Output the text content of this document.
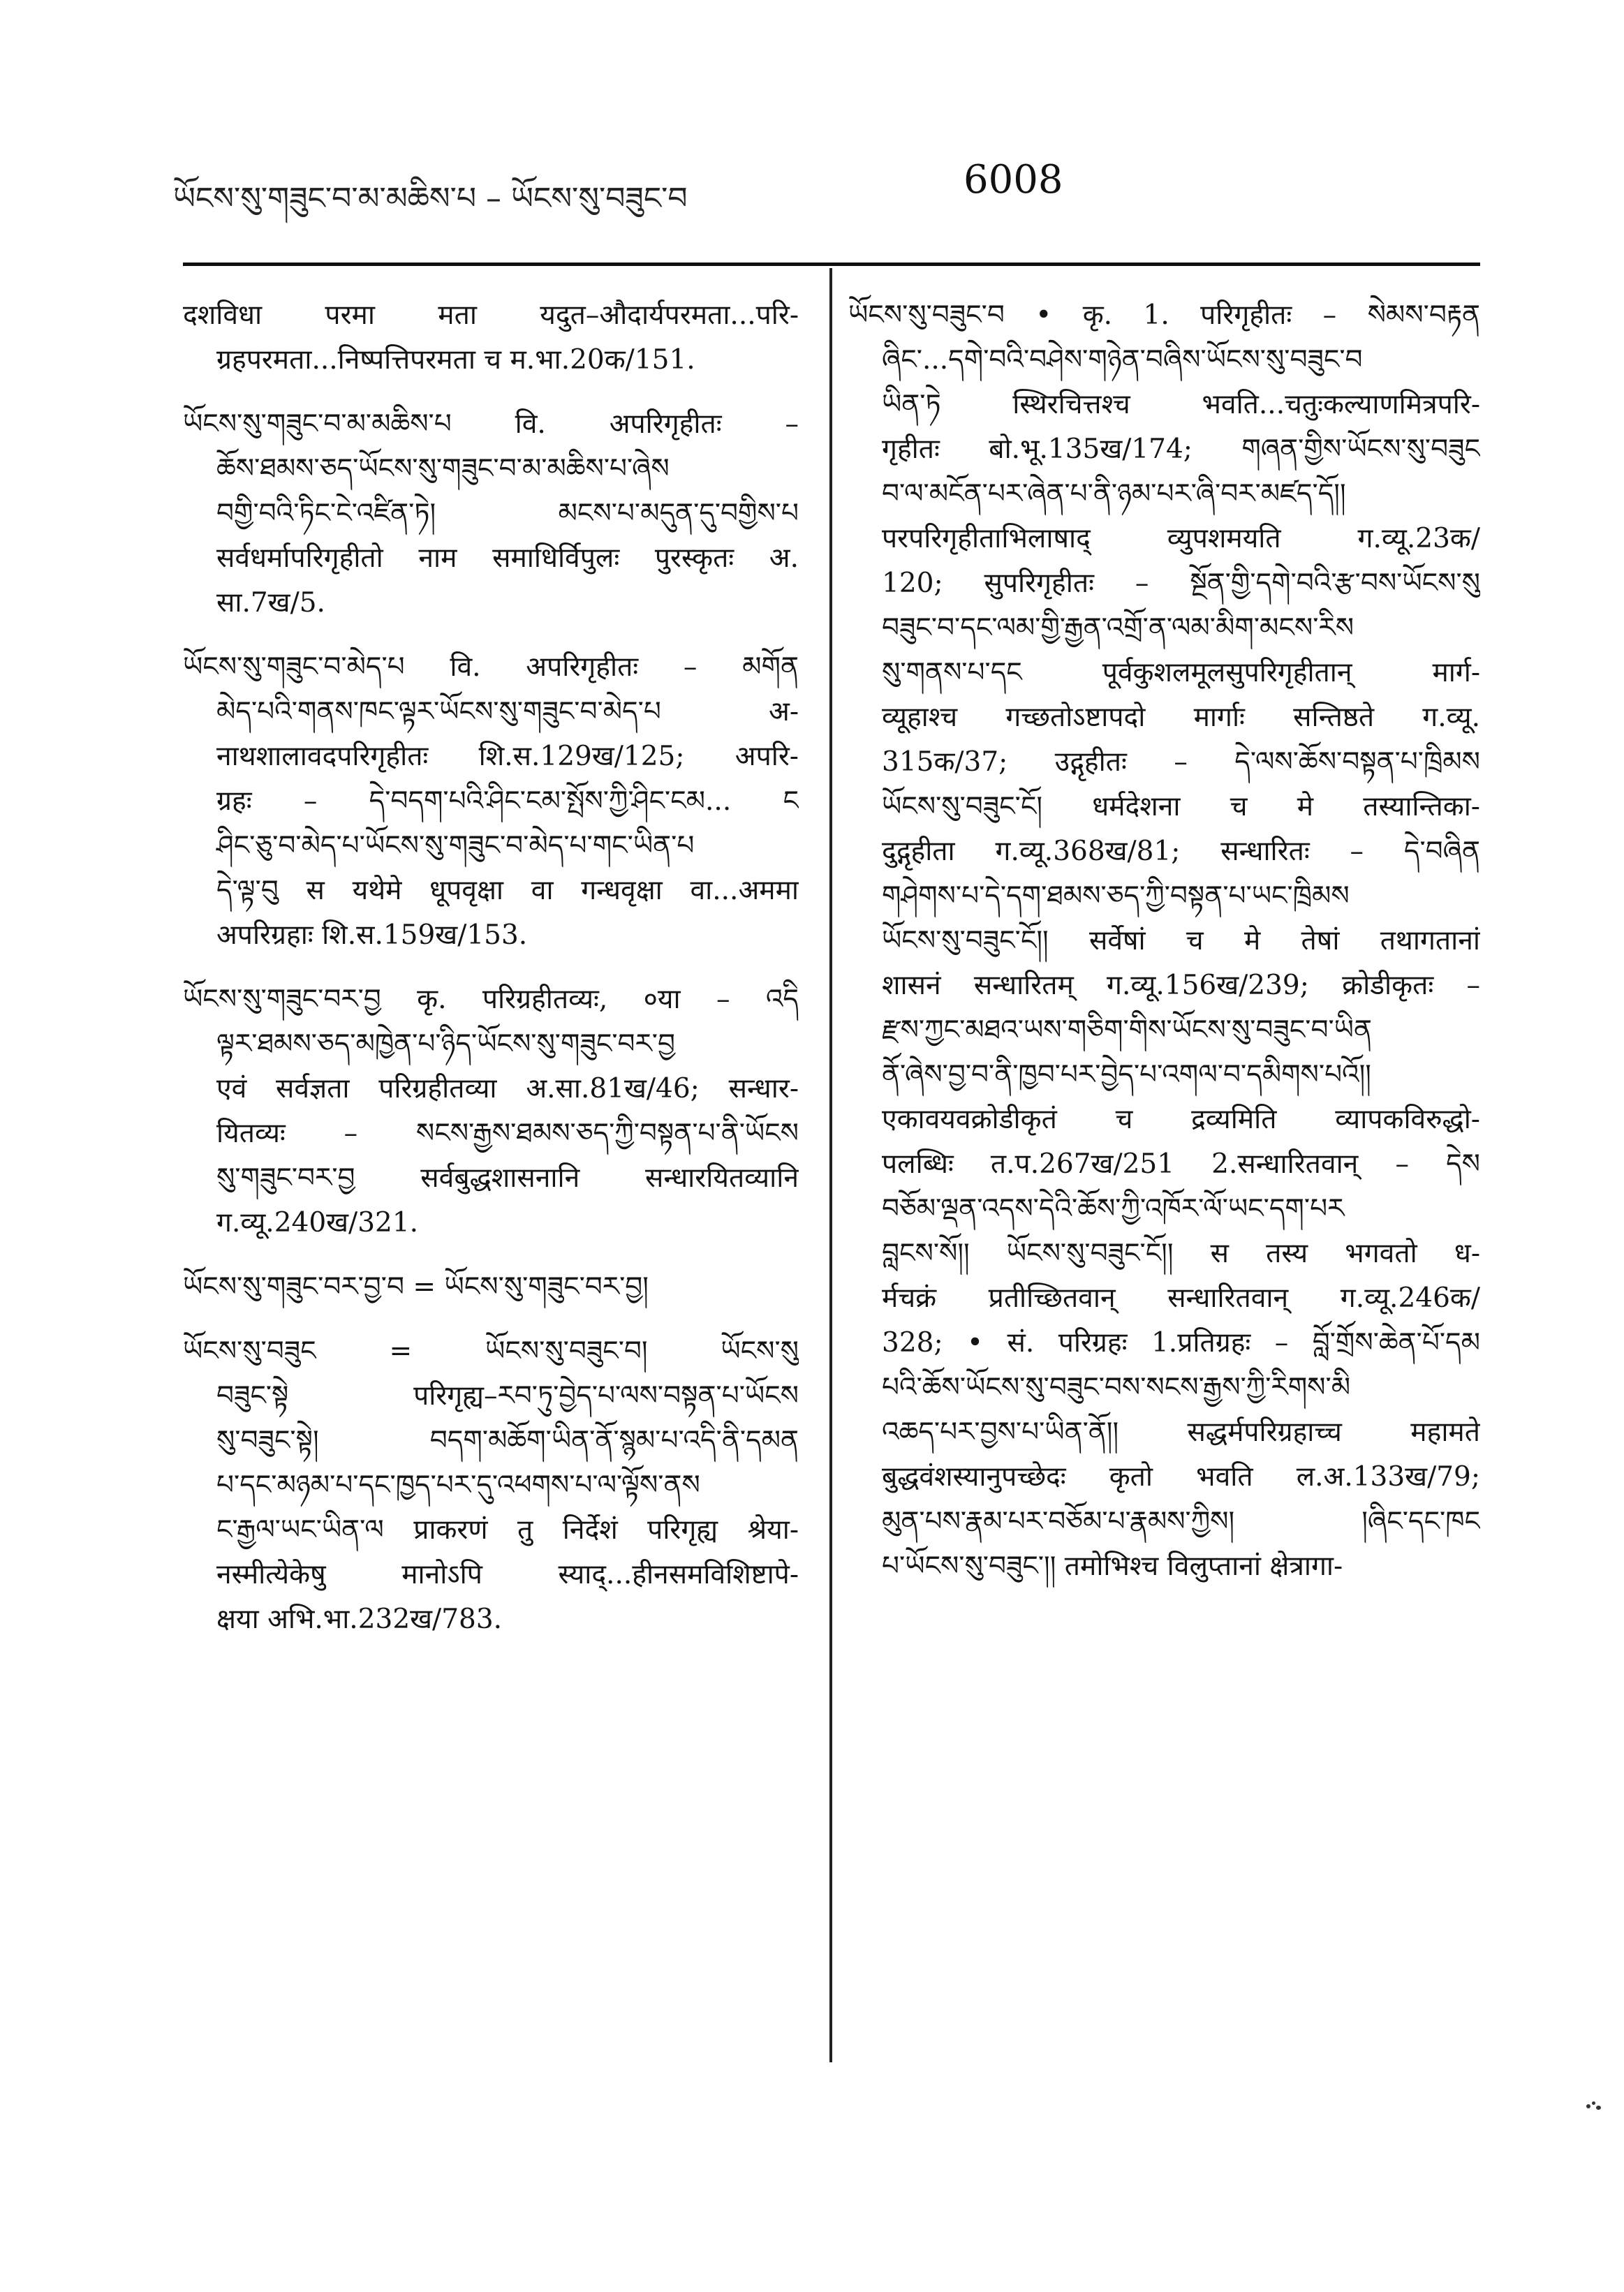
ཡོངས་སུ་གཟུང་བ་མ་མཆིས་པ – ཡོངས་སུ་བཟུང་བ	6008
दशविधा परमा मता यदुत–औदार्यपरमता...परि-
ग्रहपरमता...निष्पत्तिपरमता च म.भा.20क/151.
ཡོངས་སུ་གཟུང་བ་མ་མཆིས་པ वि. अपरिगृहीतः –
ཆོས་ཐམས་ཅད་ཡོངས་སུ་གཟུང་བ་མ་མཆིས་པ་ཞེས
བགྱི་བའི་ཏིང་ངེ་འཛིན་ཏེ། མངས་པ་མདུན་དུ་བགྱིས་པ
सर्वधर्मापरिगृहीतो नाम समाधिर्विपुलः पुरस्कृतः अ.
सा.7ख/5.
ཡོངས་སུ་གཟུང་བ་མེད་པ वि. अपरिगृहीतः – མགོན
མེད་པའི་གནས་ཁང་ལྟར་ཡོངས་སུ་གཟུང་བ་མེད་པ अ-
नाथशालावदपरिगृहीतः शि.स.129ख/125; अपरि-
ग्रहः – དེ་བདག་པའི་ཤིང་ངམ་སྤོས་ཀྱི་ཤིང་ངམ... ང
ཤིང་ཅུ་བ་མེད་པ་ཡོངས་སུ་གཟུང་བ་མེད་པ་གང་ཡིན་པ
དེ་ལྟ་བུ स यथेमे धूपवृक्षा वा गन्धवृक्षा वा...अममा
अपरिग्रहाः शि.स.159ख/153.
ཡོངས་སུ་གཟུང་བར་བྱ कृ. परिग्रहीतव्यः, ०या – འདི
ལྟར་ཐམས་ཅད་མཁྱེན་པ་ཉིད་ཡོངས་སུ་གཟུང་བར་བྱ
एवं सर्वज्ञता परिग्रहीतव्या अ.सा.81ख/46; सन्धार-
यितव्यः – སངས་རྒྱས་ཐམས་ཅད་ཀྱི་བསྟན་པ་ནི་ཡོངས
སུ་གཟུང་བར་བྱ सर्वबुद्धशासनानि सन्धारयितव्यानि
ग.व्यू.240ख/321.
ཡོངས་སུ་གཟུང་བར་བྱ་བ = ཡོངས་སུ་གཟུང་བར་བྱ།
ཡོངས་སུ་བཟུང = ཡོངས་སུ་བཟུང་བ། ཡོངས་སུ
བཟུང་སྟེ परिगृह्य–རབ་ཏུ་བྱེད་པ་ལས་བསྟན་པ་ཡོངས
སུ་བཟུང་སྟེ། བདག་མཆོག་ཡིན་ནོ་སྙམ་པ་འདི་ནི་དམན
པ་དང་མཉམ་པ་དང་ཁྱད་པར་དུ་འཕགས་པ་ལ་ལྟོས་ནས
ང་རྒྱལ་ཡང་ཡིན་ལ प्राकरणं तु निर्देशं परिगृह्य श्रेया-
नस्मीत्येकेषु मानोऽपि स्याद्...हीनसमविशिष्टापे-
क्षया अभि.भा.232ख/783.
ཡོངས་སུ་བཟུང་བ • कृ. 1. परिगृहीतः – སེམས་བརྟན
ཞིང་...དགེ་བའི་བཤེས་གཉེན་བཞིས་ཡོངས་སུ་བཟུང་བ
ཡིན་ཏེ स्थिरचित्तश्च भवति...चतुःकल्याणमित्रपरि-
गृहीतः बो.भू.135ख/174; གཞན་གྱིས་ཡོངས་སུ་བཟུང
བ་ལ་མངོན་པར་ཞེན་པ་ནི་ཉམ་པར་ཞི་བར་མཛད་དོ།།
परपरिगृहीताभिलाषाद् व्युपशमयति ग.व्यू.23क/
120; सुपरिगृहीतः – སྔོན་གྱི་དགེ་བའི་རྩ་བས་ཡོངས་སུ
བཟུང་བ་དང་ལམ་གྱི་རྒྱན་འགྲོ་ན་ལམ་མིག་མངས་རིས
སུ་གནས་པ་དང पूर्वकुशलमूलसुपरिगृहीतान् मार्ग-
व्यूहाश्च गच्छतोऽष्टापदो मार्गाः सन्तिष्ठते ग.व्यू.
315क/37; उद्गृहीतः – དེ་ལས་ཆོས་བསྟན་པ་ཁྲིམས
ཡོངས་སུ་བཟུང་ངོ། धर्मदेशना च मे तस्यान्तिका-
दुद्गृहीता ग.व्यू.368ख/81; सन्धारितः – དེ་བཞིན
གཤེགས་པ་དེ་དག་ཐམས་ཅད་ཀྱི་བསྟན་པ་ཡང་ཁྲིམས
ཡོངས་སུ་བཟུང་ངོ།། सर्वेषां च मे तेषां तथागतानां
शासनं सन्धारितम् ग.व्यू.156ख/239; क्रोडीकृतः –
རྫས་ཀྱང་མཐའ་ཡས་གཅིག་གིས་ཡོངས་སུ་བཟུང་བ་ཡིན
ནོ་ཞེས་བྱ་བ་ནི་ཁྱབ་པར་བྱེད་པ་འགལ་བ་དམིགས་པའོ།།
एकावयवक्रोडीकृतं च द्रव्यमिति व्यापकविरुद्धो-
पलब्धिः त.प.267ख/251 2.सन्धारितवान् – དེས
བཅོམ་ལྡན་འདས་དེའི་ཆོས་ཀྱི་འཁོར་ལོ་ཡང་དག་པར
བླངས་སོ།། ཡོངས་སུ་བཟུང་ངོ།། स तस्य भगवतो ध-
र्मचक्रं प्रतीच्छितवान् सन्धारितवान् ग.व्यू.246क/
328; • सं. परिग्रहः 1.प्रतिग्रहः – བློ་གྲོས་ཆེན་པོ་དམ
པའི་ཆོས་ཡོངས་སུ་བཟུང་བས་སངས་རྒྱས་ཀྱི་རིགས་མི
འཆད་པར་བྱས་པ་ཡིན་ནོ།། सद्धर्मपरिग्रहाच्च महामते
बुद्धवंशस्यानुपच्छेदः कृतो भवति ल.अ.133ख/79;
མུན་པས་རྣམ་པར་བཅོམ་པ་རྣམས་ཀྱིས། །ཞིང་དང་ཁང
པ་ཡོངས་སུ་བཟུང་།། तमोभिश्च विलुप्तानां क्षेत्रागा-
